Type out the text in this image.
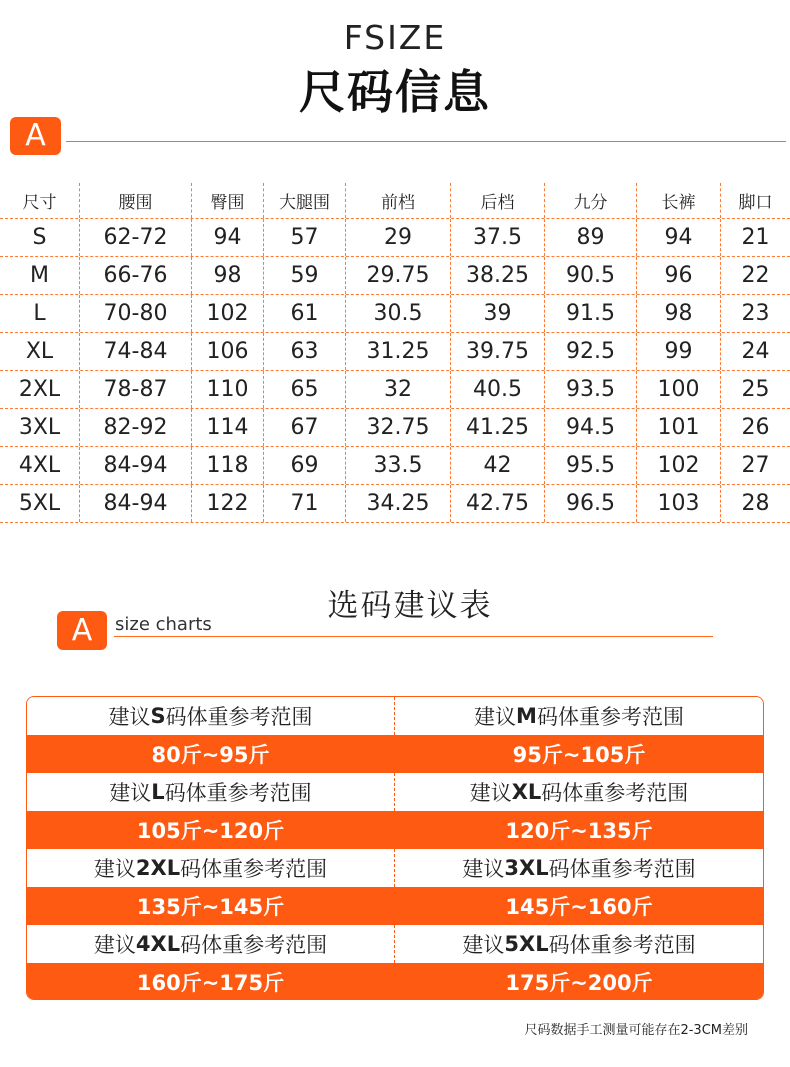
FSIZE
尺码信息
A
尺寸	腰围	臀围	大腿围	前档	后档	九分	长裤	脚口
S	62-72	94	57	29	37.5	89	94	21
M	66-76	98	59	29.75	38.25	90.5	96	22
L	70-80	102	61	30.5	39	91.5	98	23
XL	74-84	106	63	31.25	39.75	92.5	99	24
2XL	78-87	110	65	32	40.5	93.5	100	25
3XL	82-92	114	67	32.75	41.25	94.5	101	26
4XL	84-94	118	69	33.5	42	95.5	102	27
5XL	84-94	122	71	34.25	42.75	96.5	103	28
选码建议表
A	size charts
建议 S 码体重参考范围	建议 M 码体重参考范围
80斤~95斤	95斤~105斤
建议 L 码体重参考范围	建议 XL 码体重参考范围
105斤~120斤	120斤~135斤
建议 2XL 码体重参考范围	建议 3XL 码体重参考范围
135斤~145斤	145斤~160斤
建议 4XL 码体重参考范围	建议 5XL 码体重参考范围
160斤~175斤	175斤~200斤
尺码数据手工测量可能存在2-3CM差别
